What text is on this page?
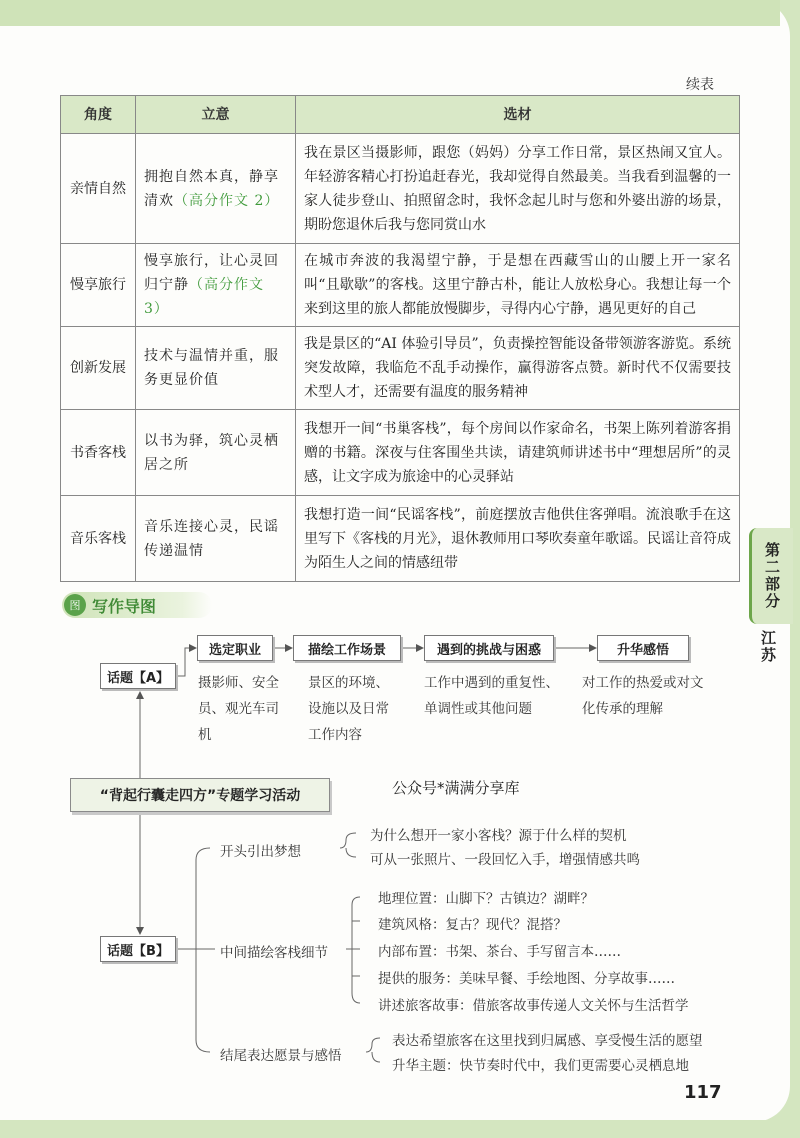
续表
角度	立意	选材
亲情自然	拥抱自然本真，静享清欢（高分作文 2）	我在景区当摄影师，跟您（妈妈）分享工作日常，景区热闹又宜人。年轻游客精心打扮追赶春光，我却觉得自然最美。当我看到温馨的一家人徒步登山、拍照留念时，我怀念起儿时与您和外婆出游的场景，期盼您退休后我与您同赏山水
慢享旅行	慢享旅行，让心灵回归宁静（高分作文 3）	在城市奔波的我渴望宁静，于是想在西藏雪山的山腰上开一家名叫“且歇歇”的客栈。这里宁静古朴，能让人放松身心。我想让每一个来到这里的旅人都能放慢脚步，寻得内心宁静，遇见更好的自己
创新发展	技术与温情并重，服务更显价值	我是景区的“AI 体验引导员”，负责操控智能设备带领游客游览。系统突发故障，我临危不乱手动操作，赢得游客点赞。新时代不仅需要技术型人才，还需要有温度的服务精神
书香客栈	以书为驿，筑心灵栖居之所	我想开一间“书巢客栈”，每个房间以作家命名，书架上陈列着游客捐赠的书籍。深夜与住客围坐共读，请建筑师讲述书中“理想居所”的灵感，让文字成为旅途中的心灵驿站
音乐客栈	音乐连接心灵，民谣传递温情	我想打造一间“民谣客栈”，前庭摆放吉他供住客弹唱。流浪歌手在这里写下《客栈的月光》，退休教师用口琴吹奏童年歌谣。民谣让音符成为陌生人之间的情感纽带	第二部分
江苏
图 写作导图
话题【A】
选定职业	描绘工作场景	遇到的挑战与困惑	升华感悟
摄影师、安全员、观光车司机
景区的环境、设施以及日常工作内容
工作中遇到的重复性、单调性或其他问题
对工作的热爱或对文化传承的理解
“背起行囊走四方”专题学习活动	公众号*满满分享库
话题【B】
开头引出梦想
为什么想开一家小客栈？源于什么样的契机
可从一张照片、一段回忆入手，增强情感共鸣
中间描绘客栈细节
地理位置：山脚下？古镇边？湖畔？
建筑风格：复古？现代？混搭？
内部布置：书架、茶台、手写留言本……
提供的服务：美味早餐、手绘地图、分享故事……
讲述旅客故事：借旅客故事传递人文关怀与生活哲学
结尾表达愿景与感悟
表达希望旅客在这里找到归属感、享受慢生活的愿望
升华主题：快节奏时代中，我们更需要心灵栖息地
117
